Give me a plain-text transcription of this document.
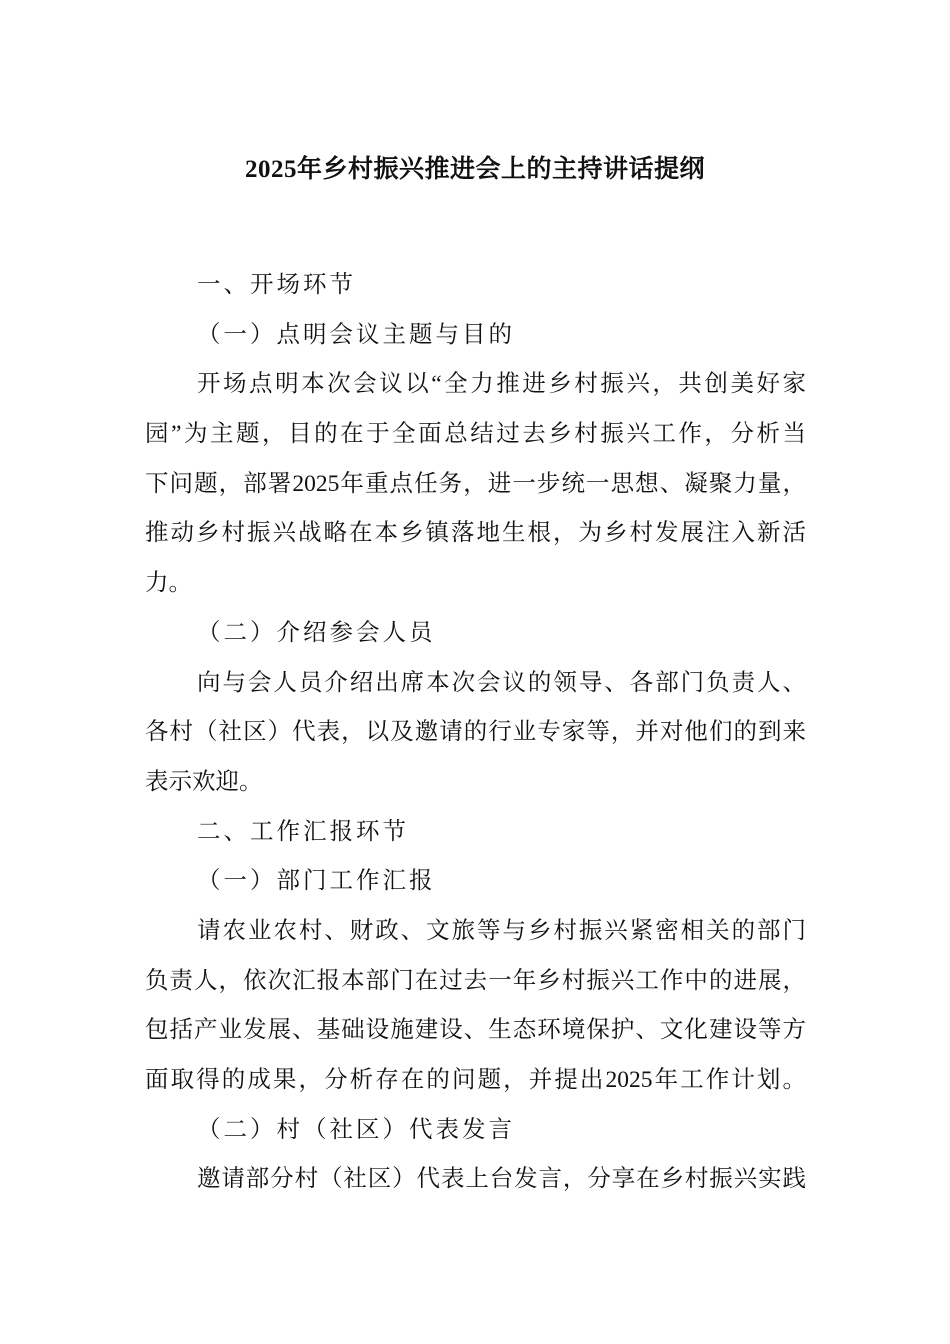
2025年乡村振兴推进会上的主持讲话提纲
一、开场环节
（一）点明会议主题与目的
开场点明本次会议以“全力推进乡村振兴，共创美好家
园”为主题，目的在于全面总结过去乡村振兴工作，分析当
下问题，部署2025年重点任务，进一步统一思想、凝聚力量，
推动乡村振兴战略在本乡镇落地生根，为乡村发展注入新活
力。
（二）介绍参会人员
向与会人员介绍出席本次会议的领导、各部门负责人、
各村（社区）代表，以及邀请的行业专家等，并对他们的到来
表示欢迎。
二、工作汇报环节
（一）部门工作汇报
请农业农村、财政、文旅等与乡村振兴紧密相关的部门
负责人，依次汇报本部门在过去一年乡村振兴工作中的进展，
包括产业发展、基础设施建设、生态环境保护、文化建设等方
面取得的成果，分析存在的问题，并提出2025年工作计划。
（二）村（社区）代表发言
邀请部分村（社区）代表上台发言，分享在乡村振兴实践
